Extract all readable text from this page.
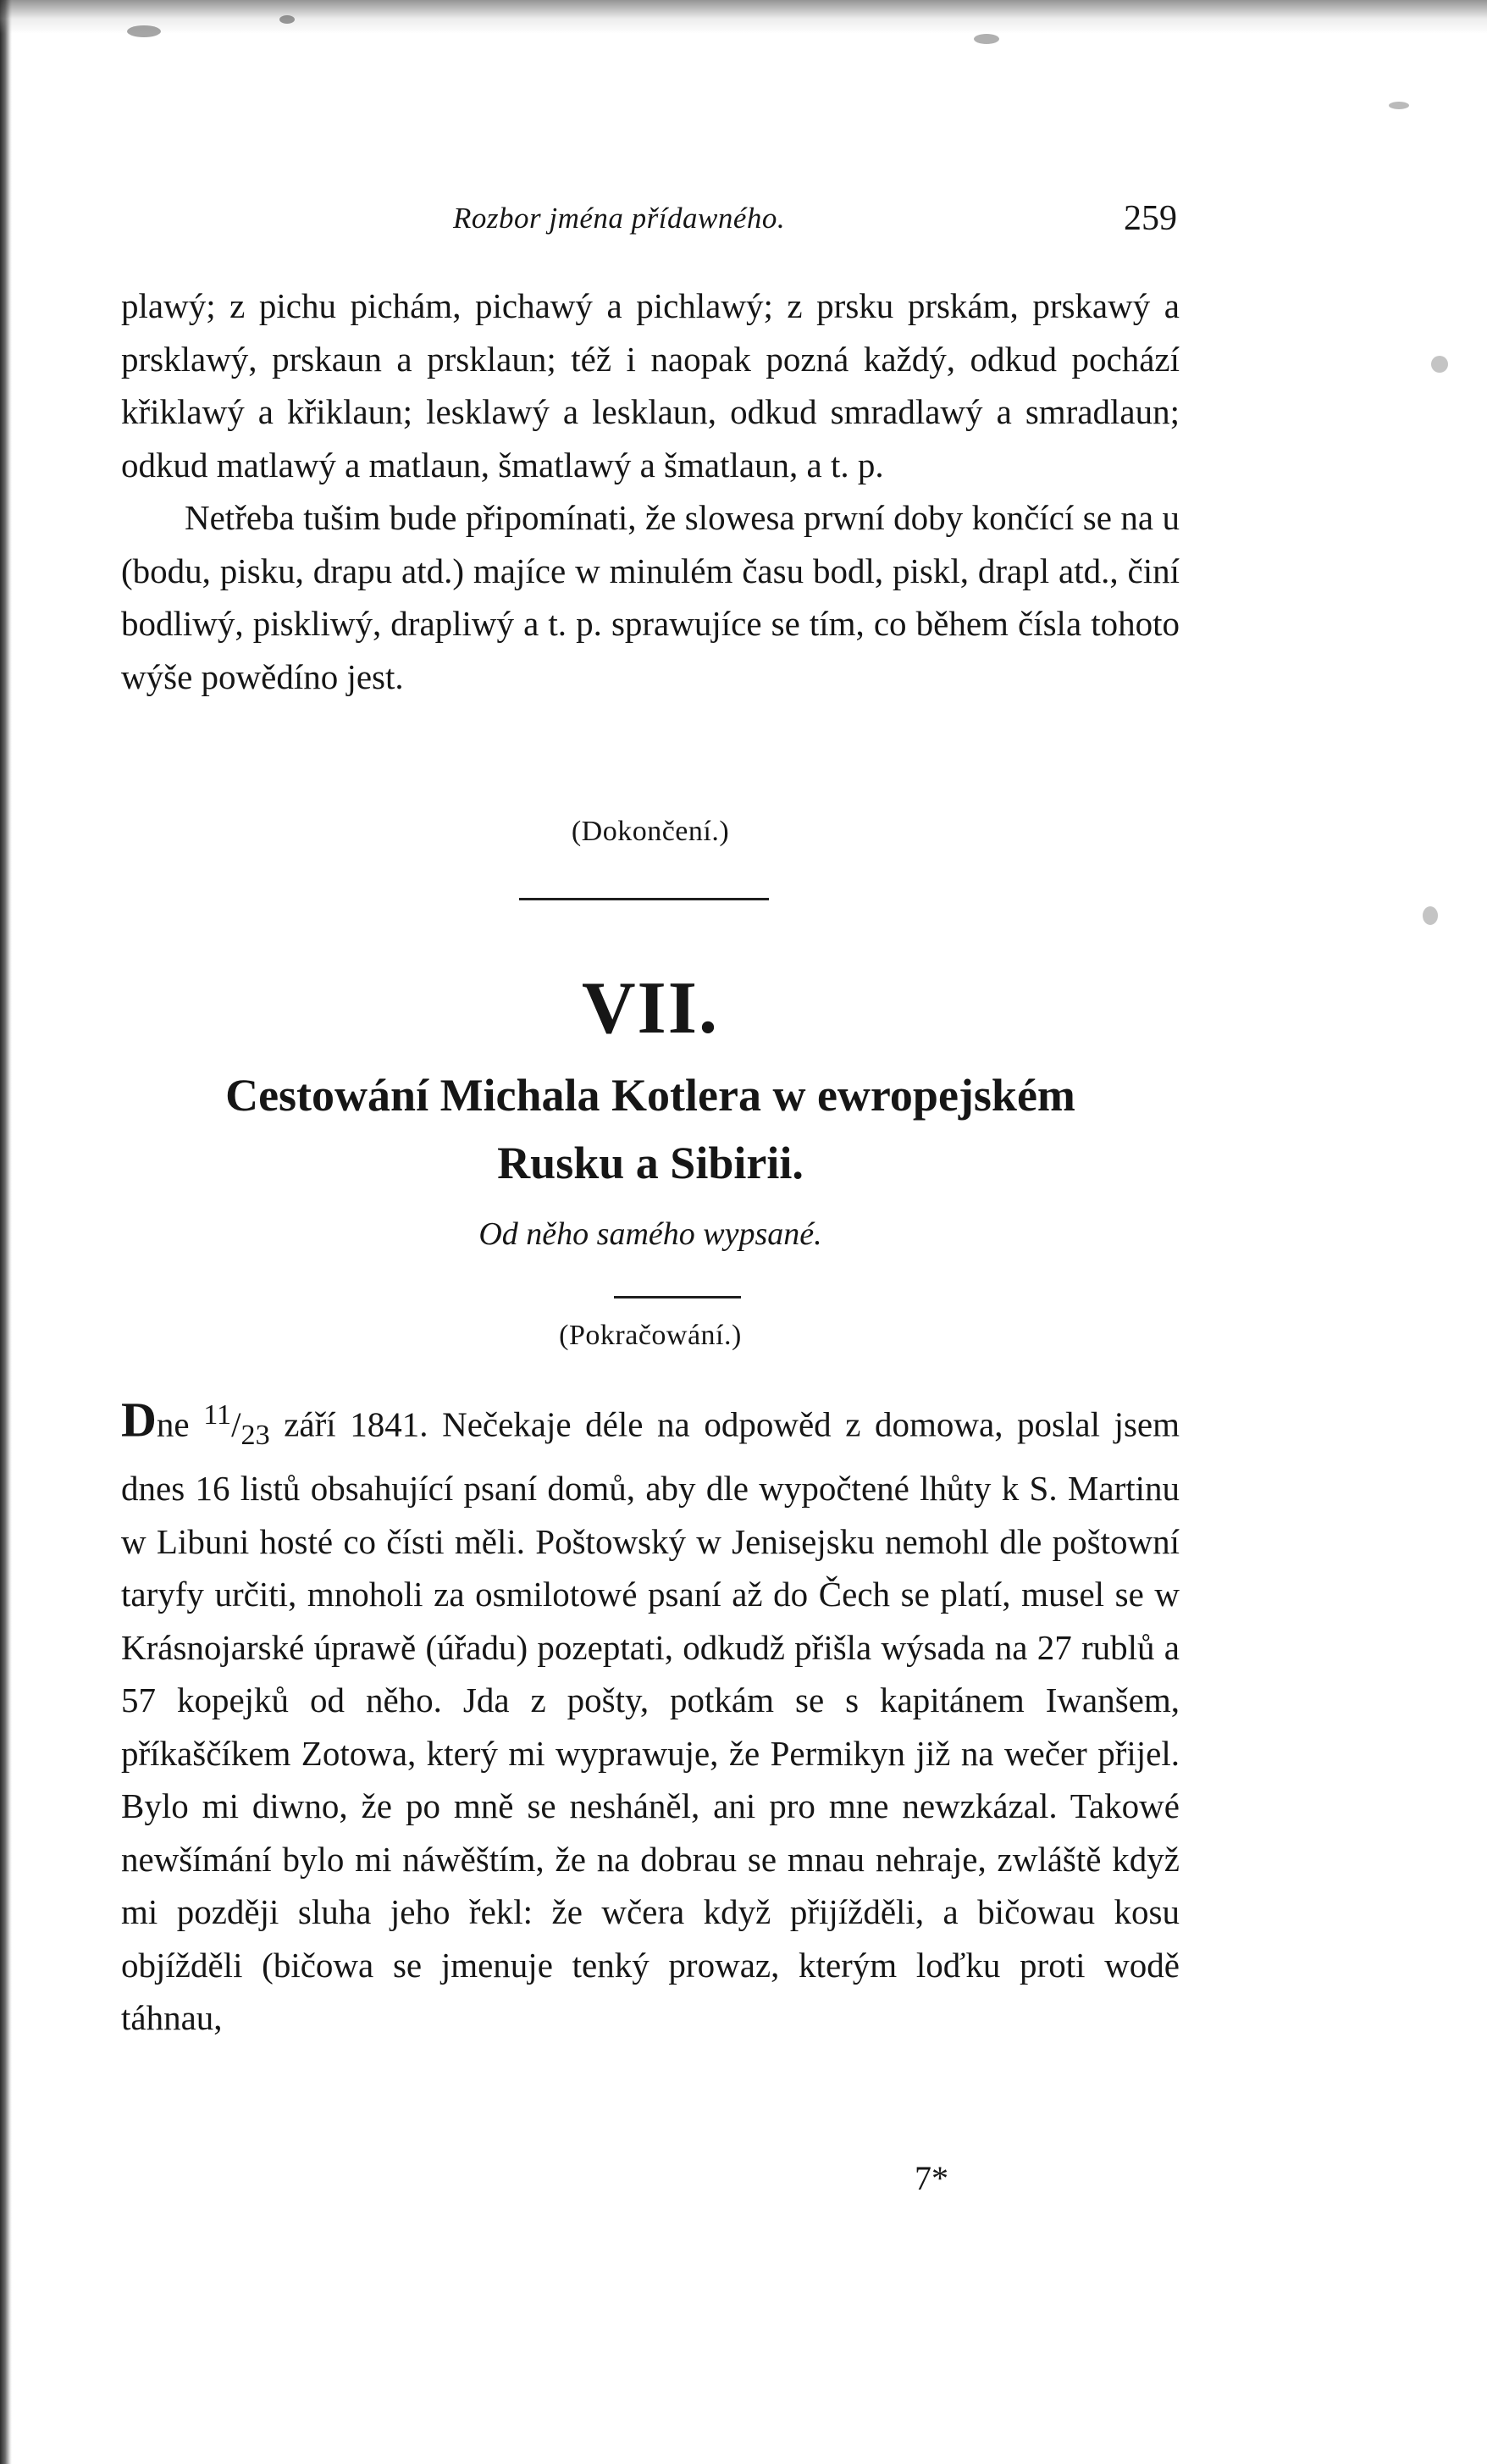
Rozbor jména přídawného.	259

plawý; z pichu pichám, pichawý a pichlawý; z prsku prskám, prskawý a prsklawý, prskaun a prsklaun; též i naopak pozná každý, odkud pochází křiklawý a křiklaun; lesklawý a lesklaun, odkud smradlawý a smradlaun; odkud matlawý a matlaun, šmatlawý a šmatlaun, a t. p.

Netřeba tušim bude připomínati, že slowesa prwní doby končící se na u (bodu, pisku, drapu atd.) majíce w minulém času bodl, piskl, drapl atd., činí bodliwý, piskliwý, drapliwý a t. p. sprawujíce se tím, co během čísla tohoto wýše powědíno jest.

(Dokončení.)
VII.
Cestowání Michala Kotlera w ewropejském
Rusku a Sibirii.
Od něho samého wypsané.
(Pokračowání.)

Dne $^{11}/_{23}$ září 1841. Nečekaje déle na odpowěd z domowa, poslal jsem dnes 16 listů obsahující psaní domů, aby dle wypočtené lhůty k S. Martinu w Libuni hosté co čísti měli. Poštowský w Jenisejsku nemohl dle poštowní taryfy určiti, mnoholi za osmilotowé psaní až do Čech se platí, musel se w Krásnojarské úprawě (úřadu) pozeptati, odkudž přišla wýsada na 27 rublů a 57 kopejků od něho. Jda z pošty, potkám se s kapitánem Iwanšem, příkaščíkem Zotowa, který mi wyprawuje, že Permikyn již na wečer přijel. Bylo mi diwno, že po mně se nesháněl, ani pro mne newzkázal. Takowé newšímání bylo mi náwěštím, že na dobrau se mnau nehraje, zwláště když mi později sluha jeho řekl: že wčera když přijížděli, a bičowau kosu objížděli (bičowa se jmenuje tenký prowaz, kterým loďku proti wodě táhnau,

7*
